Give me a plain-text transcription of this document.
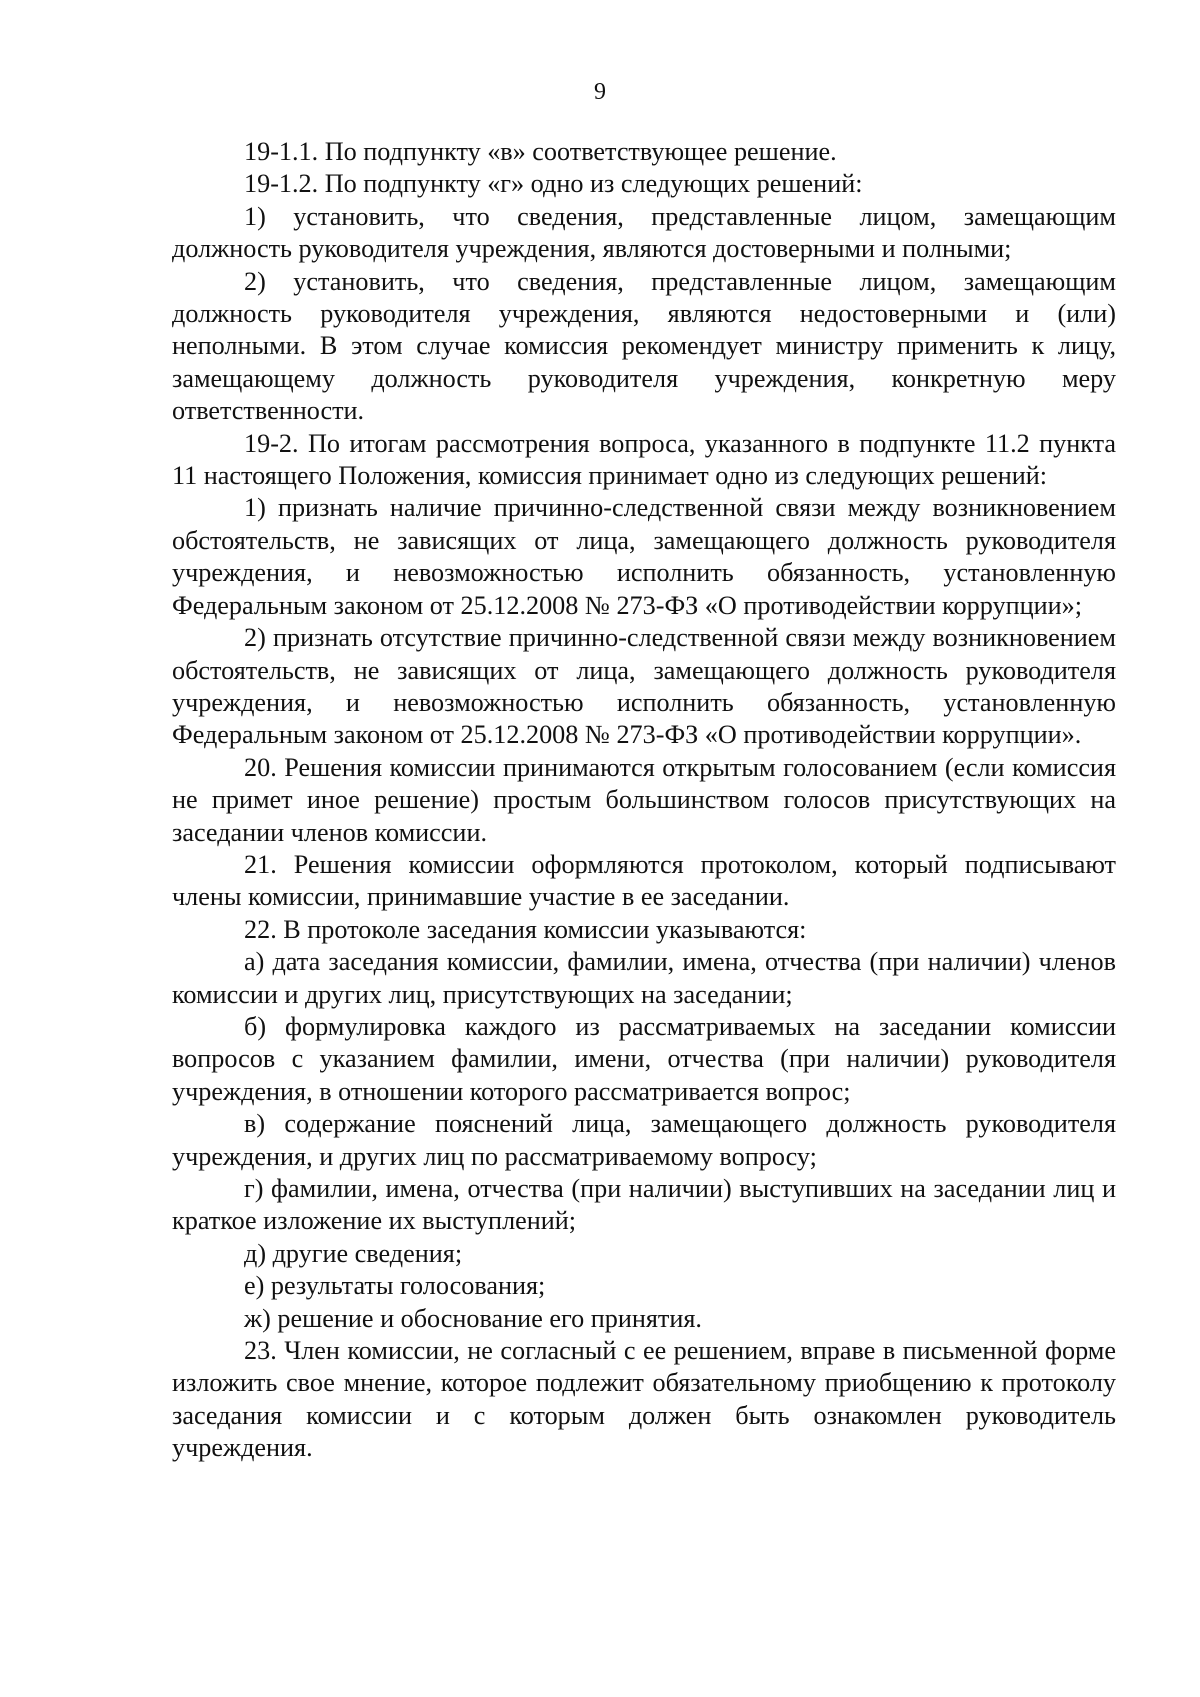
9

19-1.1. По подпункту «в» соответствующее решение.

19-1.2. По подпункту «г» одно из следующих решений:

1) установить, что сведения, представленные лицом, замещающим должность руководителя учреждения, являются достоверными и полными;

2) установить, что сведения, представленные лицом, замещающим должность руководителя учреждения, являются недостоверными и (или) неполными. В этом случае комиссия рекомендует министру применить к лицу, замещающему должность руководителя учреждения, конкретную меру ответственности.

19-2. По итогам рассмотрения вопроса, указанного в подпункте 11.2 пункта 11 настоящего Положения, комиссия принимает одно из следующих решений:

1) признать наличие причинно-следственной связи между возникновением обстоятельств, не зависящих от лица, замещающего должность руководителя учреждения, и невозможностью исполнить обязанность, установленную Федеральным законом от 25.12.2008 № 273-ФЗ «О противодействии коррупции»;

2) признать отсутствие причинно-следственной связи между возникновением обстоятельств, не зависящих от лица, замещающего должность руководителя учреждения, и невозможностью исполнить обязанность, установленную Федеральным законом от 25.12.2008 № 273-ФЗ «О противодействии коррупции».

20. Решения комиссии принимаются открытым голосованием (если комиссия не примет иное решение) простым большинством голосов присутствующих на заседании членов комиссии.

21. Решения комиссии оформляются протоколом, который подписывают члены комиссии, принимавшие участие в ее заседании.

22. В протоколе заседания комиссии указываются:

а) дата заседания комиссии, фамилии, имена, отчества (при наличии) членов комиссии и других лиц, присутствующих на заседании;

б) формулировка каждого из рассматриваемых на заседании комиссии вопросов с указанием фамилии, имени, отчества (при наличии) руководителя учреждения, в отношении которого рассматривается вопрос;

в) содержание пояснений лица, замещающего должность руководителя учреждения, и других лиц по рассматриваемому вопросу;

г) фамилии, имена, отчества (при наличии) выступивших на заседании лиц и краткое изложение их выступлений;

д) другие сведения;

е) результаты голосования;

ж) решение и обоснование его принятия.

23. Член комиссии, не согласный с ее решением, вправе в письменной форме изложить свое мнение, которое подлежит обязательному приобщению к протоколу заседания комиссии и с которым должен быть ознакомлен руководитель учреждения.
